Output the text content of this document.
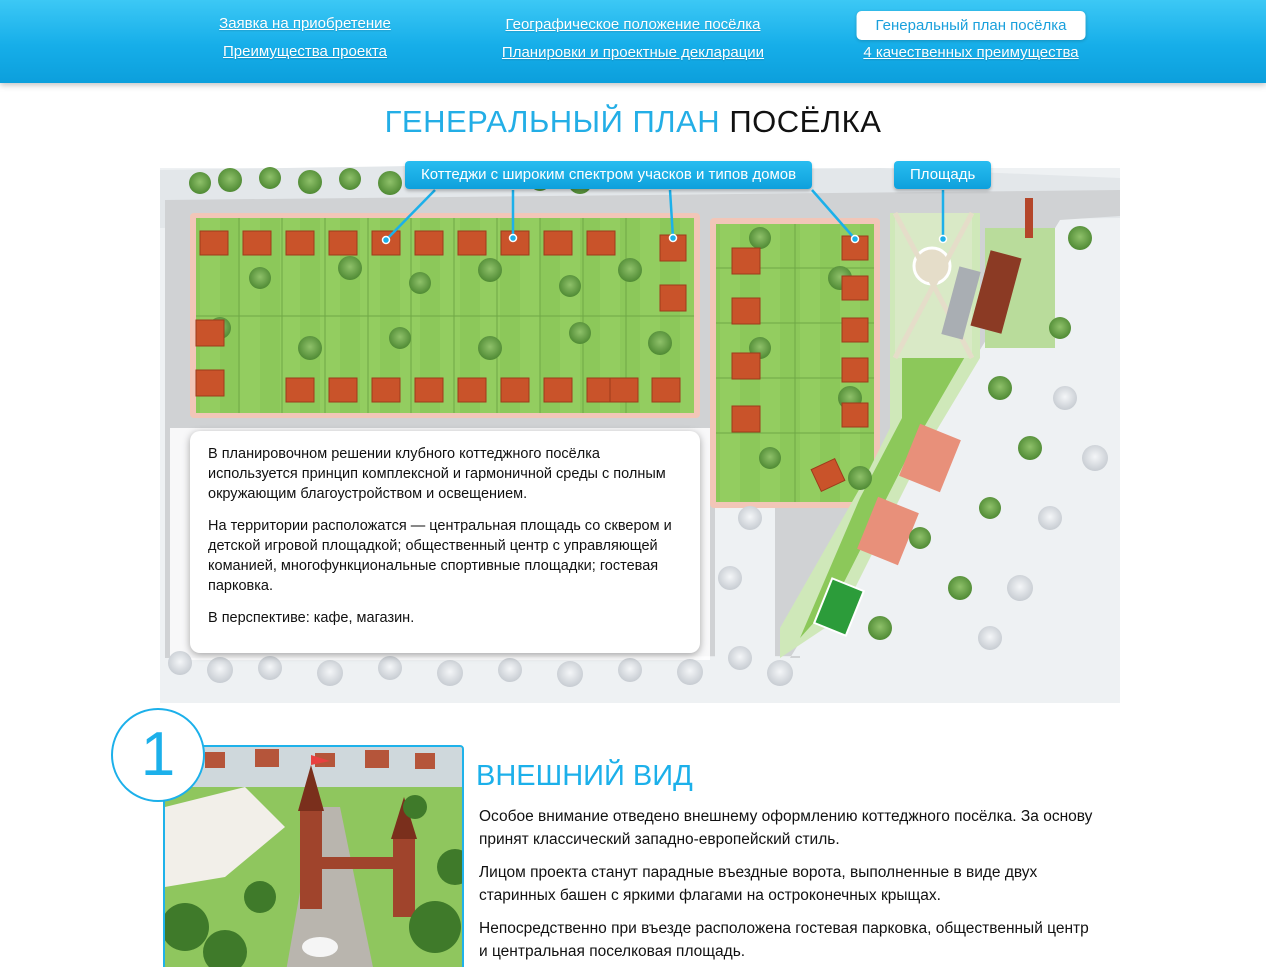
Заявка на приобретение
Преимущества проекта
Географическое положение посёлка
Планировки и проектные декларации
Генеральный план посёлка
4 качественных преимущества
ГЕНЕРАЛЬНЫЙ ПЛАН ПОСЁЛКА
Коттеджи с широким спектром учасков и типов домов	Площадь

В планировочном решении клубного коттеджного посёлка используется принцип комплексной и гармоничной среды с полным окружающим благоустройством и освещением.

На территории расположатся — центральная площадь со сквером и детской игровой площадкой; общественный центр с управляющей команией, многофункциональные спортивные площадки; гостевая парковка.

В перспективе: кафе, магазин.

1	ВНЕШНИЙ ВИД

Особое внимание отведено внешнему оформлению коттеджного посёлка. За основу принят классический западно-европейский стиль.

Лицом проекта станут парадные въездные ворота, выполненные в виде двух старинных башен с яркими флагами на остроконечных крыщах.

Непосредственно при въезде расположена гостевая парковка, общественный центр и центральная поселковая площадь.
